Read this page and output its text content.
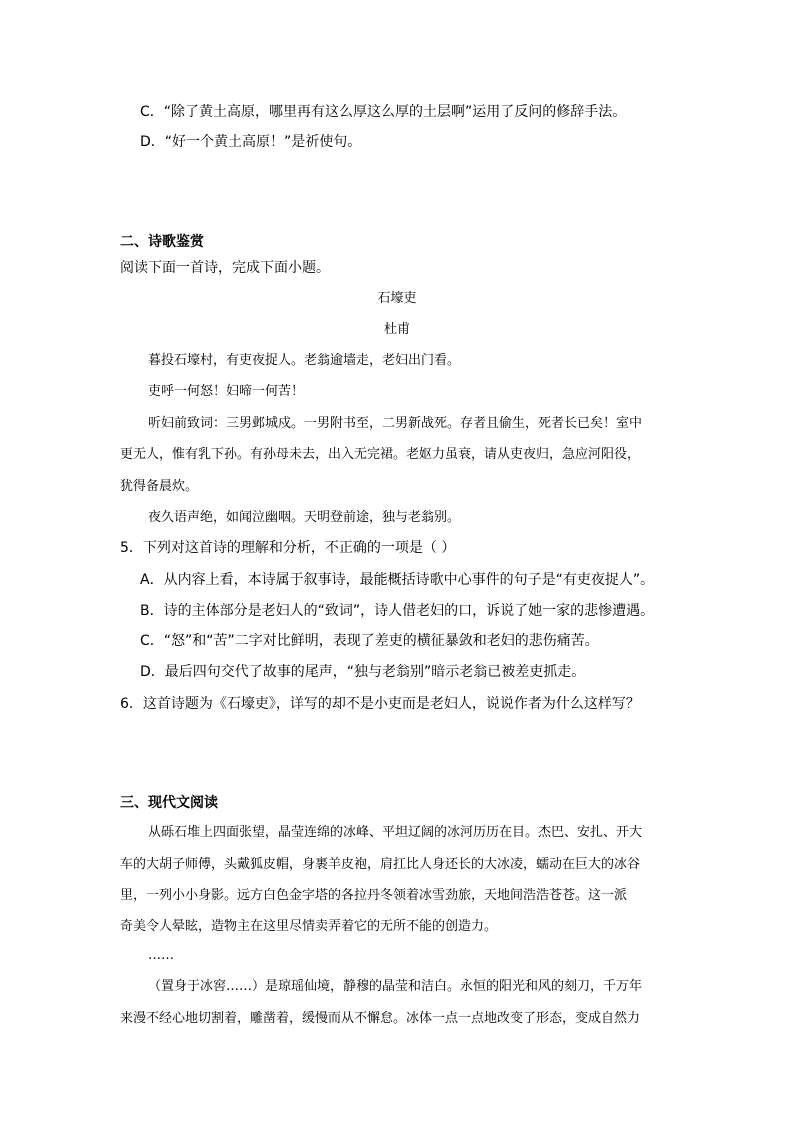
C．“除了黄土高原，哪里再有这么厚这么厚的土层啊”运用了反问的修辞手法。
D．“好一个黄土高原！”是祈使句。
二、诗歌鉴赏
阅读下面一首诗，完成下面小题。
石壕吏
杜甫
暮投石壕村，有吏夜捉人。老翁逾墙走，老妇出门看。
吏呼一何怒！妇啼一何苦！
听妇前致词：三男邺城戍。一男附书至，二男新战死。存者且偷生，死者长已矣！室中
更无人，惟有乳下孙。有孙母未去，出入无完裙。老妪力虽衰，请从吏夜归，急应河阳役，
犹得备晨炊。
夜久语声绝，如闻泣幽咽。天明登前途，独与老翁别。
5．下列对这首诗的理解和分析，不正确的一项是（ ）
A．从内容上看，本诗属于叙事诗，最能概括诗歌中心事件的句子是“有吏夜捉人”。
B．诗的主体部分是老妇人的“致词”，诗人借老妇的口，诉说了她一家的悲惨遭遇。
C．“怒”和“苦”二字对比鲜明，表现了差吏的横征暴敛和老妇的悲伤痛苦。
D．最后四句交代了故事的尾声，“独与老翁别”暗示老翁已被差吏抓走。
6．这首诗题为《石壕吏》，详写的却不是小吏而是老妇人，说说作者为什么这样写？
三、现代文阅读
从砾石堆上四面张望，晶莹连绵的冰峰、平坦辽阔的冰河历历在目。杰巴、安扎、开大
车的大胡子师傅，头戴狐皮帽，身裹羊皮袍，肩扛比人身还长的大冰凌，蠕动在巨大的冰谷
里，一列小小身影。远方白色金字塔的各拉丹冬领着冰雪劲旅，天地间浩浩苍苍。这一派
奇美令人晕眩，造物主在这里尽情卖弄着它的无所不能的创造力。
……
（置身于冰窖……）是琼瑶仙境，静穆的晶莹和洁白。永恒的阳光和风的刻刀，千万年
来漫不经心地切割着，雕凿着，缓慢而从不懈怠。冰体一点一点地改变了形态，变成自然力
